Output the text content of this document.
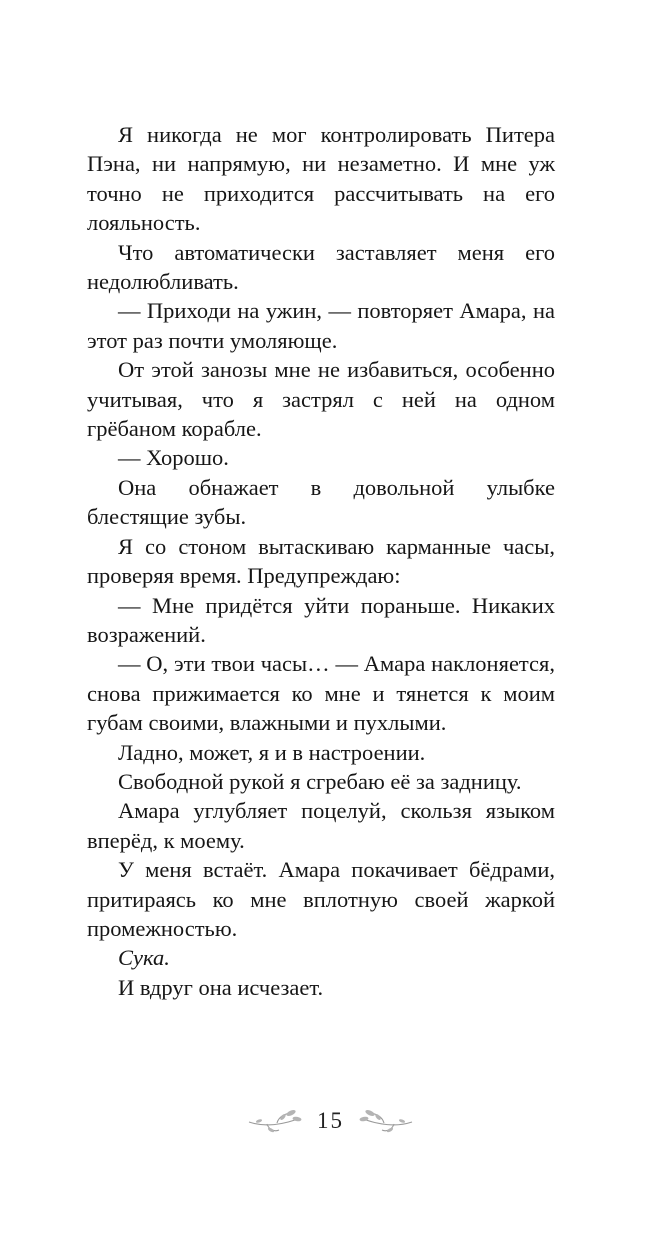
Я никогда не мог контролировать Питера Пэна, ни напрямую, ни незаметно. И мне уж точно не приходится рассчитывать на его лояльность.

Что автоматически заставляет меня его недолюбливать.

— Приходи на ужин, — повторяет Амара, на этот раз почти умоляюще.

От этой занозы мне не избавиться, особенно учитывая, что я застрял с ней на одном грёбаном корабле.

— Хорошо.

Она обнажает в довольной улыбке блестящие зубы.

Я со стоном вытаскиваю карманные часы, проверяя время. Предупреждаю:

— Мне придётся уйти пораньше. Никаких возражений.

— О, эти твои часы… — Амара наклоняется, снова прижимается ко мне и тянется к моим губам своими, влажными и пухлыми.

Ладно, может, я и в настроении.

Свободной рукой я сгребаю её за задницу.

Амара углубляет поцелуй, скользя языком вперёд, к моему.

У меня встаёт. Амара покачивает бёдрами, притираясь ко мне вплотную своей жаркой промежностью.

Сука.

И вдруг она исчезает.

15
